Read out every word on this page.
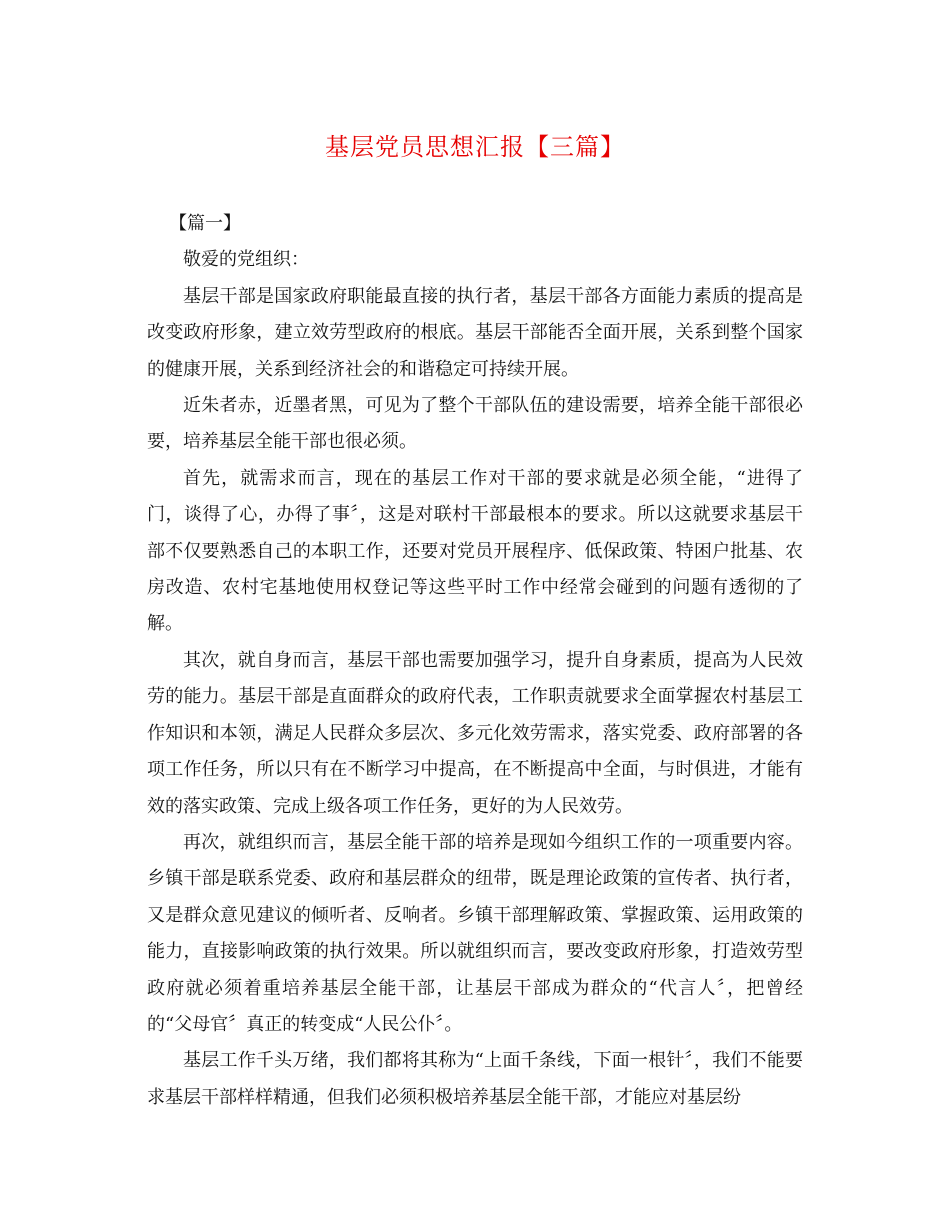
基层党员思想汇报【三篇】

【篇一】

敬爱的党组织：

基层干部是国家政府职能最直接的执行者，基层干部各方面能力素质的提高是改变政府形象，建立效劳型政府的根底。基层干部能否全面开展，关系到整个国家的健康开展，关系到经济社会的和谐稳定可持续开展。

近朱者赤，近墨者黑，可见为了整个干部队伍的建设需要，培养全能干部很必要，培养基层全能干部也很必须。

首先，就需求而言，现在的基层工作对干部的要求就是必须全能，“进得了门，谈得了心，办得了事〞，这是对联村干部最根本的要求。所以这就要求基层干部不仅要熟悉自己的本职工作，还要对党员开展程序、低保政策、特困户批基、农房改造、农村宅基地使用权登记等这些平时工作中经常会碰到的问题有透彻的了解。

其次，就自身而言，基层干部也需要加强学习，提升自身素质，提高为人民效劳的能力。基层干部是直面群众的政府代表，工作职责就要求全面掌握农村基层工作知识和本领，满足人民群众多层次、多元化效劳需求，落实党委、政府部署的各项工作任务，所以只有在不断学习中提高，在不断提高中全面，与时俱进，才能有效的落实政策、完成上级各项工作任务，更好的为人民效劳。

再次，就组织而言，基层全能干部的培养是现如今组织工作的一项重要内容。乡镇干部是联系党委、政府和基层群众的纽带，既是理论政策的宣传者、执行者，又是群众意见建议的倾听者、反响者。乡镇干部理解政策、掌握政策、运用政策的能力，直接影响政策的执行效果。所以就组织而言，要改变政府形象，打造效劳型政府就必须着重培养基层全能干部，让基层干部成为群众的“代言人〞，把曾经的“父母官〞真正的转变成“人民公仆〞。

基层工作千头万绪，我们都将其称为“上面千条线，下面一根针〞，我们不能要求基层干部样样精通，但我们必须积极培养基层全能干部，才能应对基层纷
